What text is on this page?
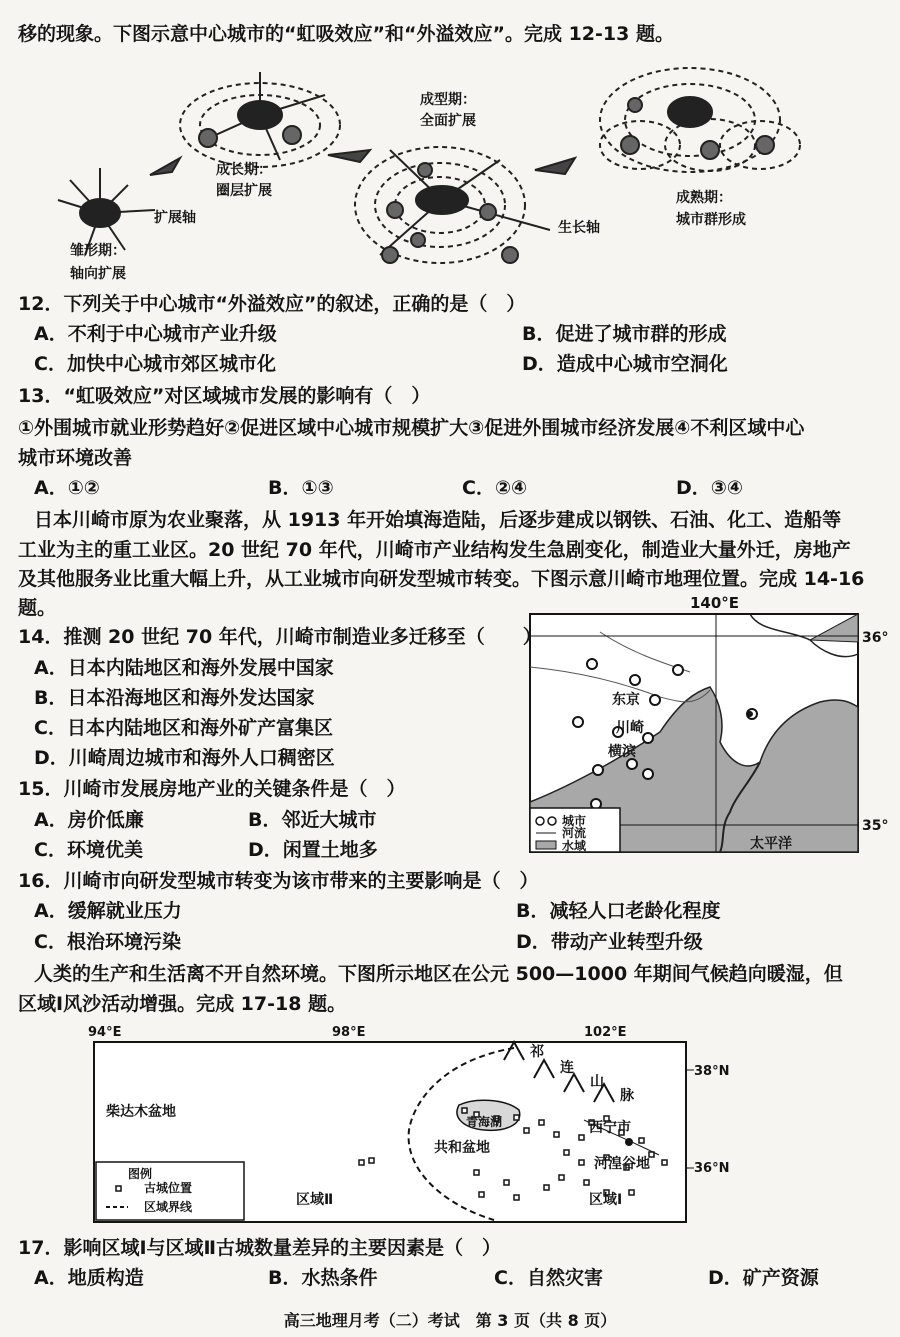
移的现象。下图示意中心城市的“虹吸效应”和“外溢效应”。完成 12-13 题。
雏形期：
轴向扩展
扩展轴
成长期：
圈层扩展
成型期：
全面扩展
生长轴
成熟期：
城市群形成
12．下列关于中心城市“外溢效应”的叙述，正确的是（　）
A．不利于中心城市产业升级	B．促进了城市群的形成
C．加快中心城市郊区城市化	D．造成中心城市空洞化
13．“虹吸效应”对区域城市发展的影响有（　）
①外围城市就业形势趋好②促进区域中心城市规模扩大③促进外围城市经济发展④不利区域中心
城市环境改善
A．①②	B．①③	C．②④	D．③④
日本川崎市原为农业聚落，从 1913 年开始填海造陆，后逐步建成以钢铁、石油、化工、造船等
工业为主的重工业区。20 世纪 70 年代，川崎市产业结构发生急剧变化，制造业大量外迁，房地产
及其他服务业比重大幅上升，从工业城市向研发型城市转变。下图示意川崎市地理位置。完成 14-16
题。	140°E
东京
川崎
横滨
太平洋
36°
35°
城市
河流
水域
14．推测 20 世纪 70 年代，川崎市制造业多迁移至（　　）
A．日本内陆地区和海外发展中国家
B．日本沿海地区和海外发达国家
C．日本内陆地区和海外矿产富集区
D．川崎周边城市和海外人口稠密区
15．川崎市发展房地产业的关键条件是（　）
A．房价低廉	B．邻近大城市
C．环境优美	D．闲置土地多
16．川崎市向研发型城市转变为该市带来的主要影响是（　）
A．缓解就业压力	B．减轻人口老龄化程度
C．根治环境污染	D．带动产业转型升级
人类的生产和生活离不开自然环境。下图所示地区在公元 500—1000 年期间气候趋向暖湿，但
区域Ⅰ风沙活动增强。完成 17-18 题。
94°E	98°E	102°E
38°N
36°N
柴达木盆地
共和盆地
青海湖	西宁市
河湟谷地
祁
连
山
脉
区域Ⅰ
区域Ⅱ
图例
古城位置
区域界线
17．影响区域Ⅰ与区域Ⅱ古城数量差异的主要因素是（　）
A．地质构造	B．水热条件	C．自然灾害	D．矿产资源
高三地理月考（二）考试　第 3 页（共 8 页）
